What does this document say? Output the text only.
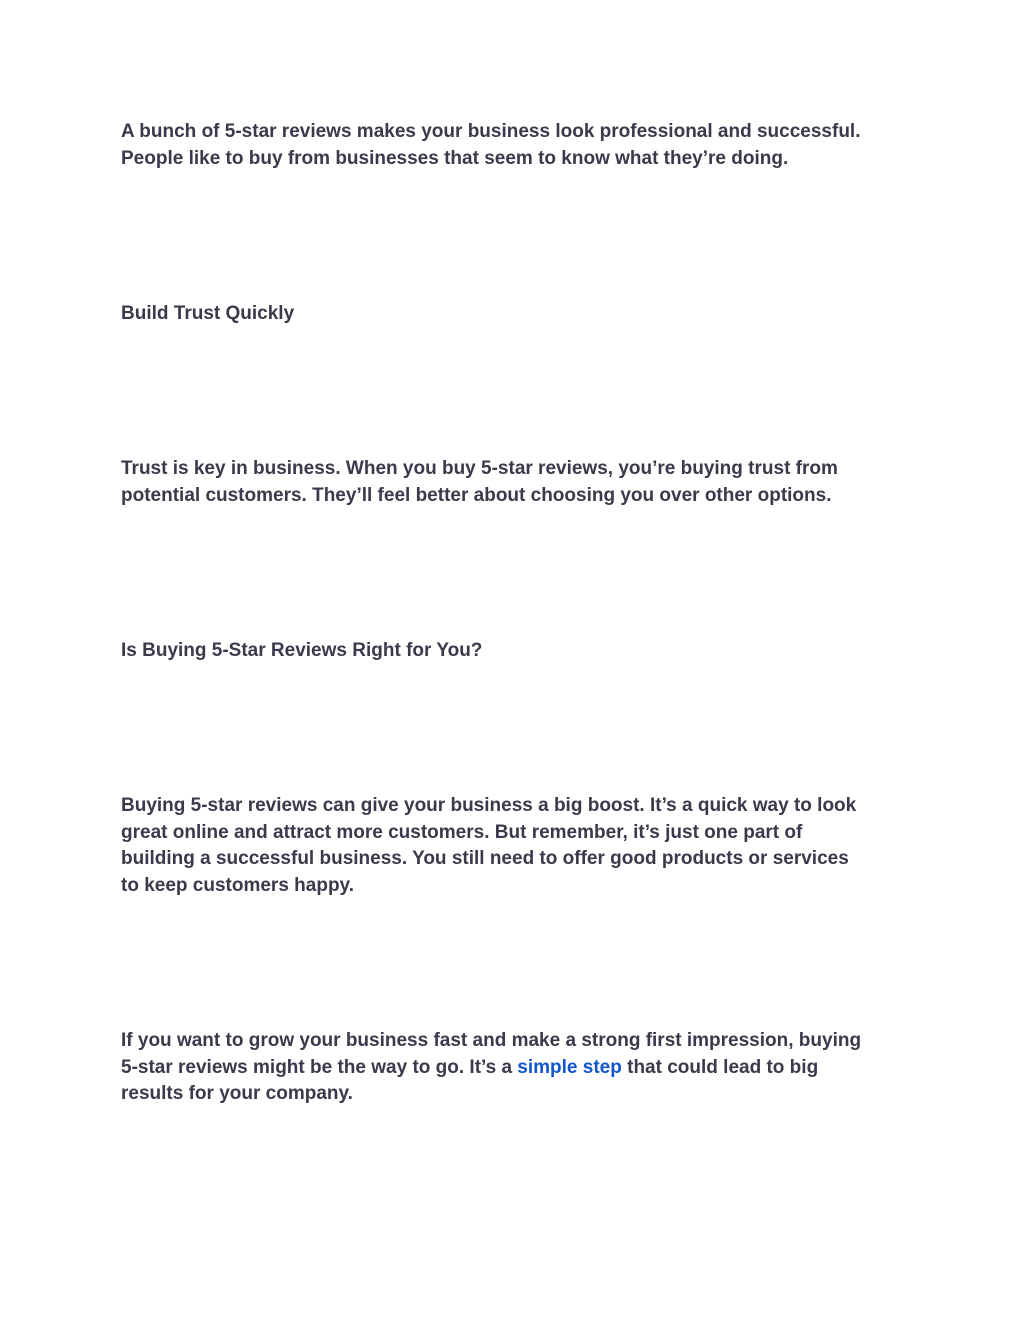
A bunch of 5-star reviews makes your business look professional and successful.
People like to buy from businesses that seem to know what they’re doing.

Build Trust Quickly

Trust is key in business. When you buy 5-star reviews, you’re buying trust from
potential customers. They’ll feel better about choosing you over other options.

Is Buying 5-Star Reviews Right for You?

Buying 5-star reviews can give your business a big boost. It’s a quick way to look
great online and attract more customers. But remember, it’s just one part of
building a successful business. You still need to offer good products or services
to keep customers happy.

If you want to grow your business fast and make a strong first impression, buying
5-star reviews might be the way to go. It’s a simple step that could lead to big
results for your company.
